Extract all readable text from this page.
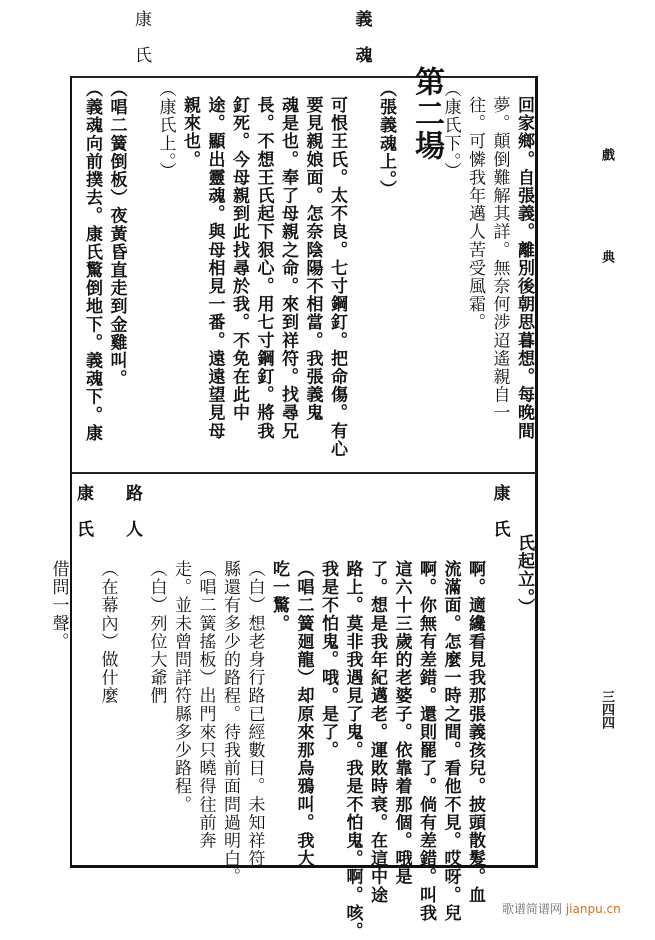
戲
典
三四四
回家鄉。自張義。離別後朝思暮想。每晚間
夢。顛倒難解其詳。無奈何涉迢遙親自一
往。可憐我年邁人苦受風霜。
（康氏下。）
第二場
（張義魂上。）
義　魂
可恨王氏。太不良。七寸鋼釘。把命傷。有心
要見親娘面。怎奈陰陽不相當。我張義鬼
魂是也。奉了母親之命。來到祥符。找尋兄
長。不想王氏起下狠心。用七寸鋼釘。將我
釘死。今母親到此找尋於我。不免在此中
途。顯出靈魂。與母相見一番。遠遠望見母
親來也。
（康氏上。）
康　氏
（唱二簧倒板）夜黃昏直走到金雞叫。
（義魂向前撲去。康氏驚倒地下。義魂下。康
氏起立。）
康　氏
啊。適纔看見我那張義孩兒。披頭散髮。血
流滿面。怎麼一時之間。看他不見。哎呀。兒
啊。你無有差錯。還則罷了。倘有差錯。叫我
這六十三歲的老婆子。依靠着那個。哦是
了。想是我年紀邁老。運敗時衰。在這中途
路上。莫非我遇見了鬼。我是不怕鬼。啊。咳。
我是不怕鬼。哦。是了。
（唱二簧廻龍）却原來那烏鴉叫。我大
吃一驚。
（白）想老身行路已經數日。未知祥符
縣還有多少的路程。待我前面問過明白。
（唱二簧搖板）出門來只曉得往前奔
走。並未曾問詳符縣多少路程。
（白）列位大爺們
路　人
（在幕內）做什麼
康　氏
借問一聲。
歌谱简谱网 jianpu.cn
